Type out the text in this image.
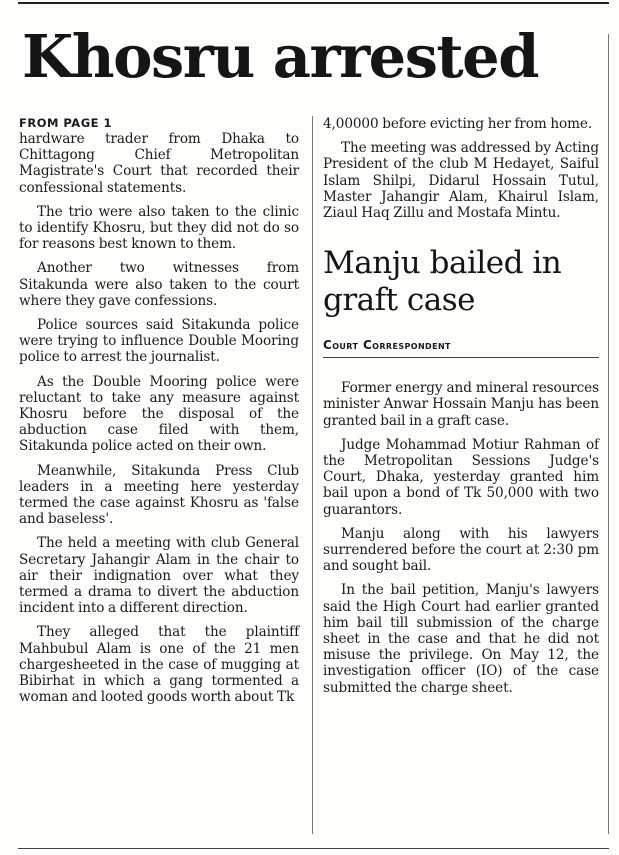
Khosru arrested

FROM PAGE 1

hardware trader from Dhaka to Chittagong Chief Metropolitan Magistrate's Court that recorded their confessional statements.

The trio were also taken to the clinic to identify Khosru, but they did not do so for reasons best known to them.

Another two witnesses from Sitakunda were also taken to the court where they gave confessions.

Police sources said Sitakunda police were trying to influence Double Mooring police to arrest the journalist.

As the Double Mooring police were reluctant to take any measure against Khosru before the disposal of the abduction case filed with them, Sitakunda police acted on their own.

Meanwhile, Sitakunda Press Club leaders in a meeting here yesterday termed the case against Khosru as 'false and baseless'.

The held a meeting with club General Secretary Jahangir Alam in the chair to air their indignation over what they termed a drama to divert the abduction incident into a different direction.

They alleged that the plaintiff Mahbubul Alam is one of the 21 men chargesheeted in the case of mugging at Bibirhat in which a gang tormented a woman and looted goods worth about Tk

4,00000 before evicting her from home.

The meeting was addressed by Acting President of the club M Hedayet, Saiful Islam Shilpi, Didarul Hossain Tutul, Master Jahangir Alam, Khairul Islam, Ziaul Haq Zillu and Mostafa Mintu.

Manju bailed in graft case
Court Correspondent

Former energy and mineral resources minister Anwar Hossain Manju has been granted bail in a graft case.

Judge Mohammad Motiur Rahman of the Metropolitan Sessions Judge's Court, Dhaka, yesterday granted him bail upon a bond of Tk 50,000 with two guarantors.

Manju along with his lawyers surrendered before the court at 2:30 pm and sought bail.

In the bail petition, Manju's lawyers said the High Court had earlier granted him bail till submission of the charge sheet in the case and that he did not misuse the privilege. On May 12, the investigation officer (IO) of the case submitted the charge sheet.
